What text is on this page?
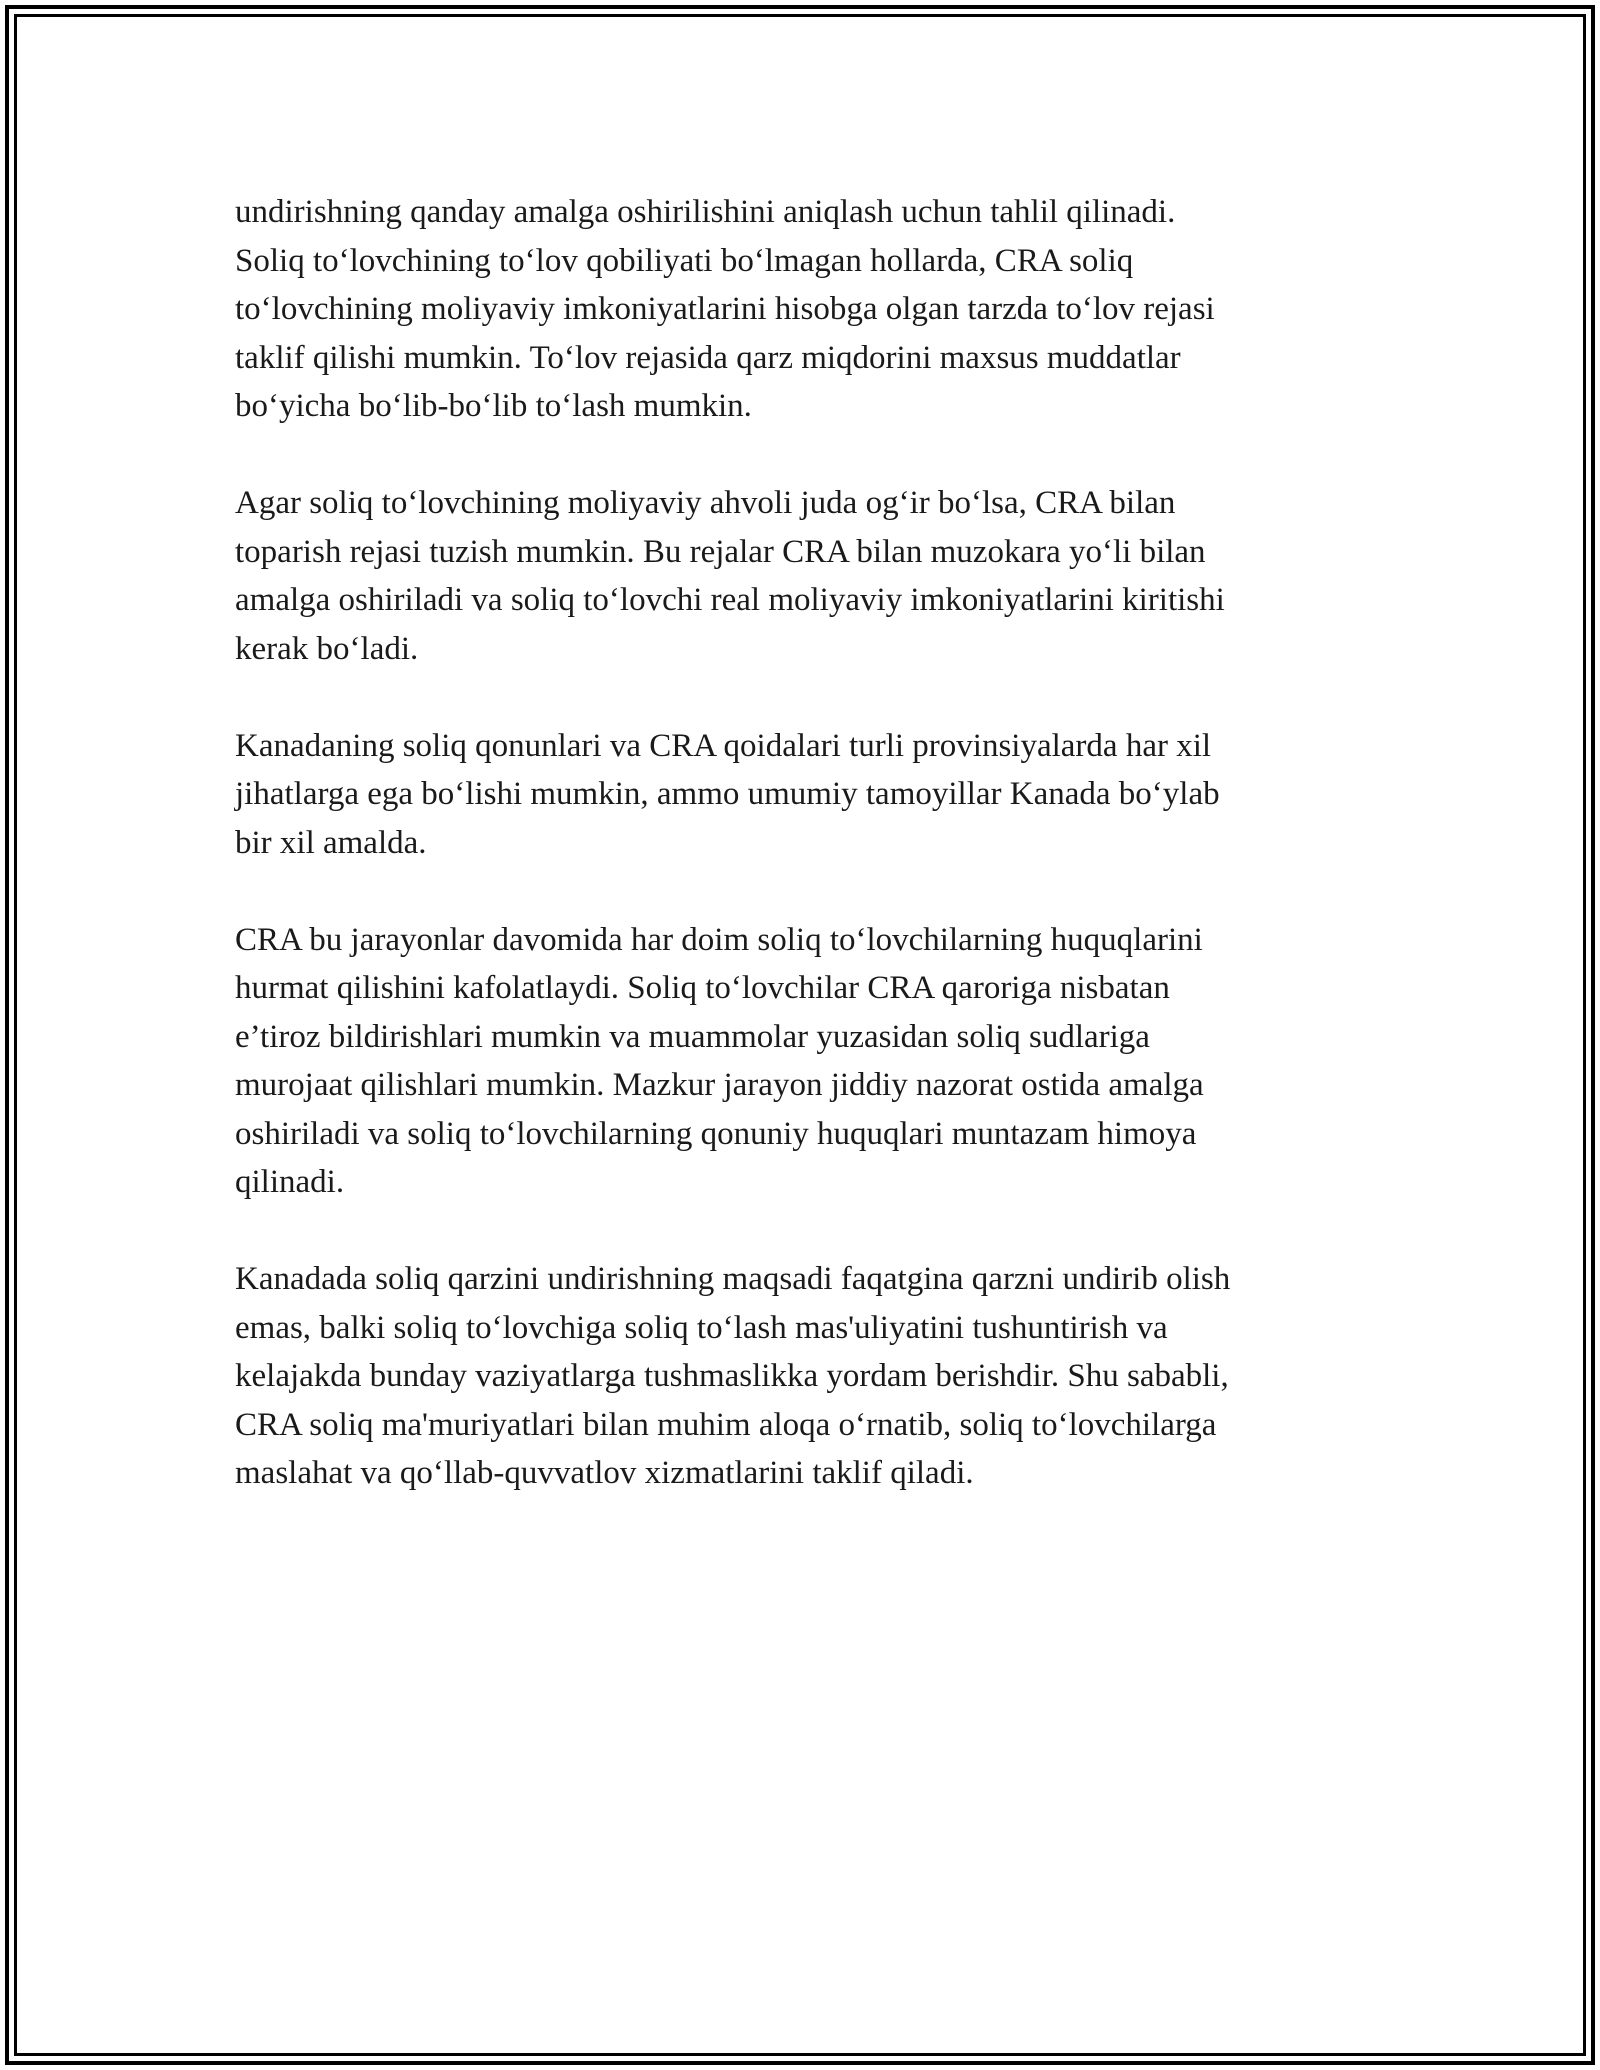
undirishning qanday amalga oshirilishini aniqlash uchun tahlil qilinadi.
Soliq to‘lovchining to‘lov qobiliyati bo‘lmagan hollarda, CRA soliq
to‘lovchining moliyaviy imkoniyatlarini hisobga olgan tarzda to‘lov rejasi
taklif qilishi mumkin. To‘lov rejasida qarz miqdorini maxsus muddatlar
bo‘yicha bo‘lib-bo‘lib to‘lash mumkin.

Agar soliq to‘lovchining moliyaviy ahvoli juda og‘ir bo‘lsa, CRA bilan
toparish rejasi tuzish mumkin. Bu rejalar CRA bilan muzokara yo‘li bilan
amalga oshiriladi va soliq to‘lovchi real moliyaviy imkoniyatlarini kiritishi
kerak bo‘ladi.

Kanadaning soliq qonunlari va CRA qoidalari turli provinsiyalarda har xil
jihatlarga ega bo‘lishi mumkin, ammo umumiy tamoyillar Kanada bo‘ylab
bir xil amalda.

CRA bu jarayonlar davomida har doim soliq to‘lovchilarning huquqlarini
hurmat qilishini kafolatlaydi. Soliq to‘lovchilar CRA qaroriga nisbatan
e’tiroz bildirishlari mumkin va muammolar yuzasidan soliq sudlariga
murojaat qilishlari mumkin. Mazkur jarayon jiddiy nazorat ostida amalga
oshiriladi va soliq to‘lovchilarning qonuniy huquqlari muntazam himoya
qilinadi.

Kanadada soliq qarzini undirishning maqsadi faqatgina qarzni undirib olish
emas, balki soliq to‘lovchiga soliq to‘lash mas'uliyatini tushuntirish va
kelajakda bunday vaziyatlarga tushmaslikka yordam berishdir. Shu sababli,
CRA soliq ma'muriyatlari bilan muhim aloqa o‘rnatib, soliq to‘lovchilarga
maslahat va qo‘llab-quvvatlov xizmatlarini taklif qiladi.
